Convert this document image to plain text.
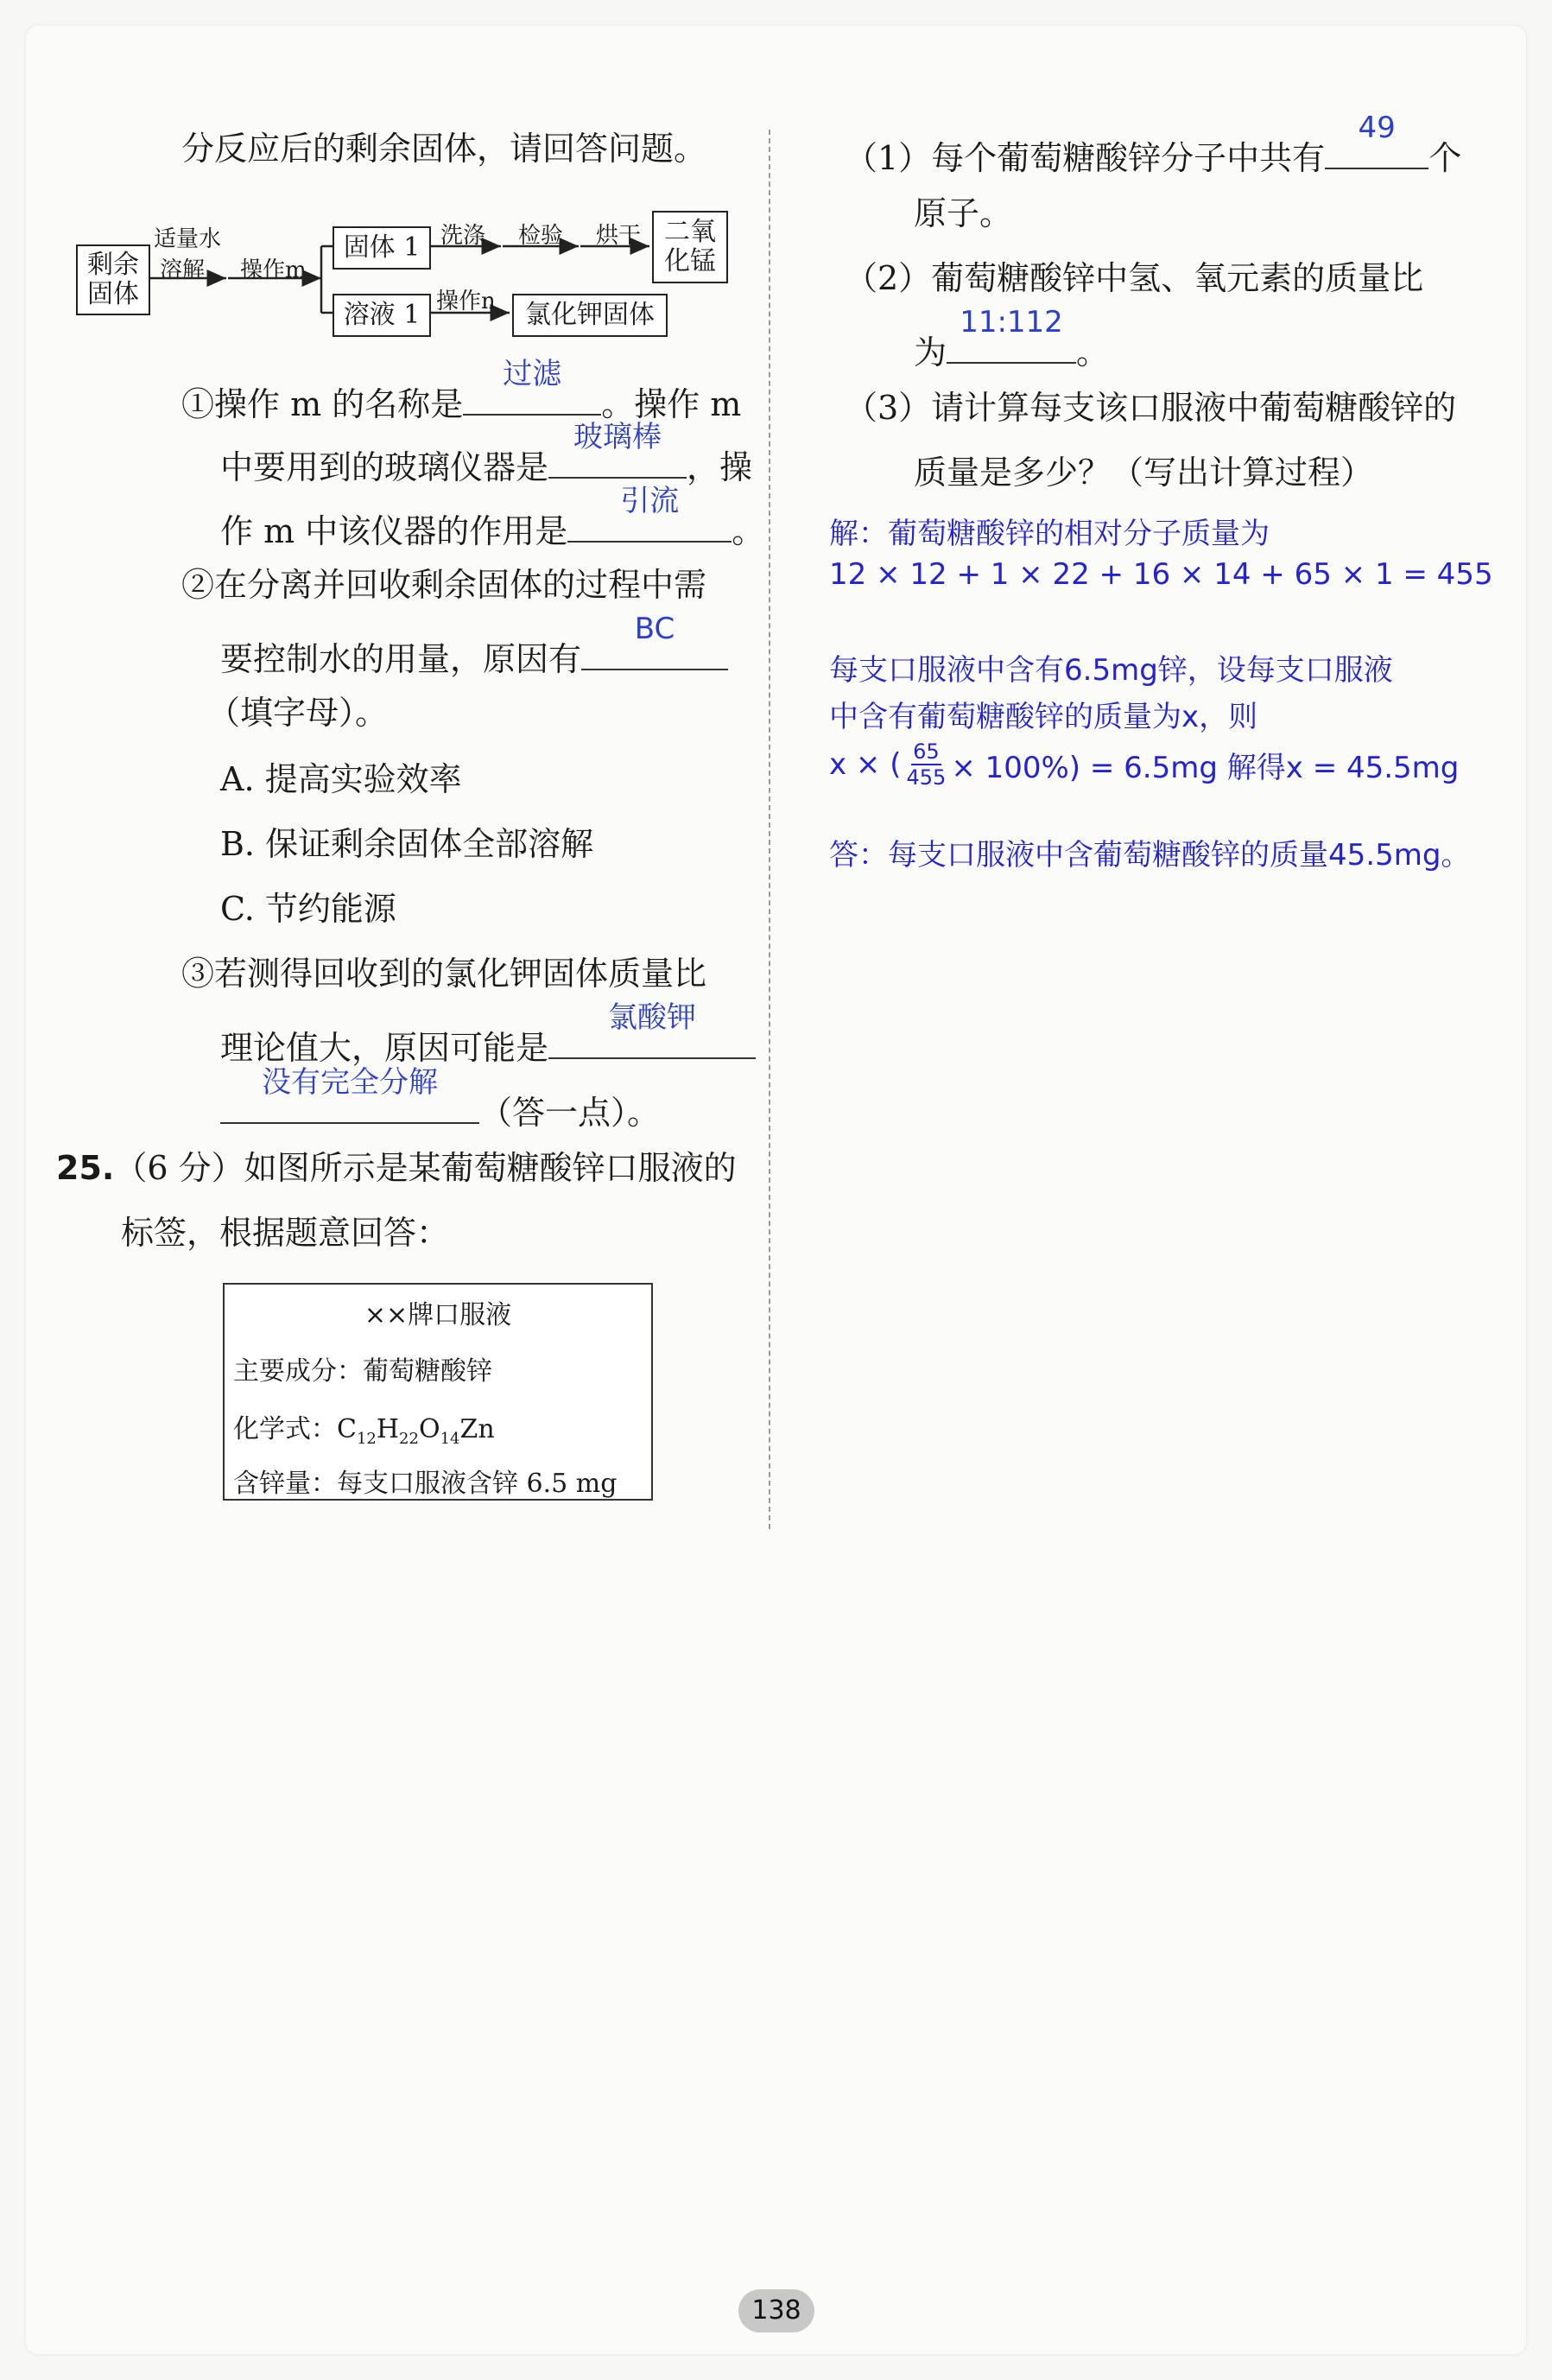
分反应后的剩余固体，请回答问题。
剩余固体
适量水
溶解 操作m
固体 1 洗涤 检验 烘干 二氧化锰
溶液 1 操作n 氯化钾固体
①操作 m 的名称是
过滤
。操作 m
中要用到的玻璃仪器是
玻璃棒
，操
作 m 中该仪器的作用是
引流
。
②在分离并回收剩余固体的过程中需
要控制水的用量，原因有
BC
（填字母）。
A. 提高实验效率
B. 保证剩余固体全部溶解
C. 节约能源
③若测得回收到的氯化钾固体质量比
理论值大，原因可能是
氯酸钾
没有完全分解
（答一点）。
25.（6 分）如图所示是某葡萄糖酸锌口服液的
标签，根据题意回答：
××牌口服液
主要成分：葡萄糖酸锌
化学式：$C_{12}H_{22}O_{14}Zn$
含锌量：每支口服液含锌 6.5 mg
（1）每个葡萄糖酸锌分子中共有
49
个
原子。
（2）葡萄糖酸锌中氢、氧元素的质量比
为
11:112
。
（3）请计算每支该口服液中葡萄糖酸锌的
质量是多少？（写出计算过程）
解：葡萄糖酸锌的相对分子质量为
12 × 12 + 1 × 22 + 16 × 14 + 65 × 1 = 455
每支口服液中含有6.5mg锌，设每支口服液
中含有葡萄糖酸锌的质量为x，则
x × ( $\frac{65}{455} \times 100\%) = 6.5mg$ 解得x = 45.5mg
答：每支口服液中含葡萄糖酸锌的质量45.5mg。
138
